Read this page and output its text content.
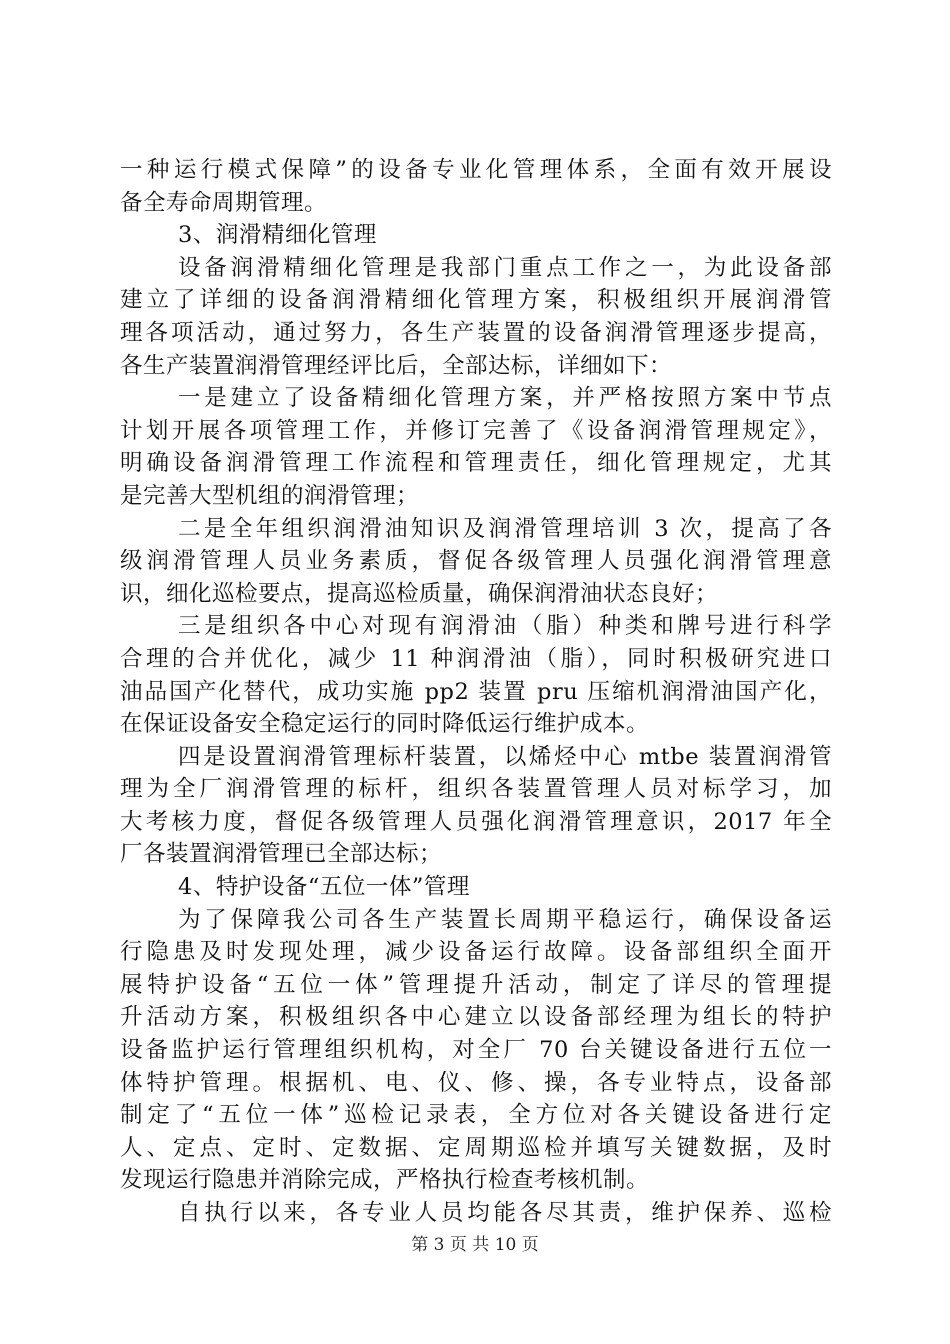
一种运行模式保障”的设备专业化管理体系，全面有效开展设
备全寿命周期管理。
3、润滑精细化管理
设备润滑精细化管理是我部门重点工作之一，为此设备部
建立了详细的设备润滑精细化管理方案，积极组织开展润滑管
理各项活动，通过努力，各生产装置的设备润滑管理逐步提高，
各生产装置润滑管理经评比后，全部达标，详细如下：
一是建立了设备精细化管理方案，并严格按照方案中节点
计划开展各项管理工作，并修订完善了《设备润滑管理规定》，
明确设备润滑管理工作流程和管理责任，细化管理规定，尤其
是完善大型机组的润滑管理；
二是全年组织润滑油知识及润滑管理培训 3 次，提高了各
级润滑管理人员业务素质，督促各级管理人员强化润滑管理意
识，细化巡检要点，提高巡检质量，确保润滑油状态良好；
三是组织各中心对现有润滑油（脂）种类和牌号进行科学
合理的合并优化，减少 11 种润滑油（脂），同时积极研究进口
油品国产化替代，成功实施 pp2 装置 pru 压缩机润滑油国产化，
在保证设备安全稳定运行的同时降低运行维护成本。
四是设置润滑管理标杆装置，以烯烃中心 mtbe 装置润滑管
理为全厂润滑管理的标杆，组织各装置管理人员对标学习，加
大考核力度，督促各级管理人员强化润滑管理意识，2017 年全
厂各装置润滑管理已全部达标；
4、特护设备“五位一体”管理
为了保障我公司各生产装置长周期平稳运行，确保设备运
行隐患及时发现处理，减少设备运行故障。设备部组织全面开
展特护设备“五位一体”管理提升活动，制定了详尽的管理提
升活动方案，积极组织各中心建立以设备部经理为组长的特护
设备监护运行管理组织机构，对全厂 70 台关键设备进行五位一
体特护管理。根据机、电、仪、修、操，各专业特点，设备部
制定了“五位一体”巡检记录表，全方位对各关键设备进行定
人、定点、定时、定数据、定周期巡检并填写关键数据，及时
发现运行隐患并消除完成，严格执行检查考核机制。
自执行以来，各专业人员均能各尽其责，维护保养、巡检
第 3 页 共 10 页
